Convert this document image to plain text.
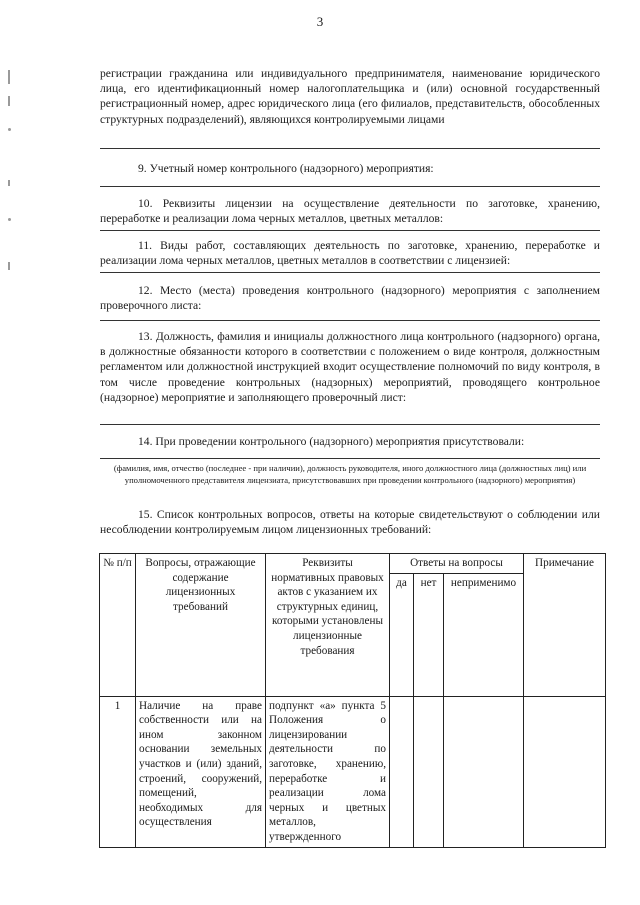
3

регистрации гражданина или индивидуального предпринимателя, наименование юридического лица, его идентификационный номер налогоплательщика и (или) основной государственный регистрационный номер, адрес юридического лица (его филиалов, представительств, обособленных структурных подразделений), являющихся контролируемыми лицами

9. Учетный номер контрольного (надзорного) мероприятия:

10. Реквизиты лицензии на осуществление деятельности по заготовке, хранению, переработке и реализации лома черных металлов, цветных металлов:

11. Виды работ, составляющих деятельность по заготовке, хранению, переработке и реализации лома черных металлов, цветных металлов в соответствии с лицензией:

12. Место (места) проведения контрольного (надзорного) мероприятия с заполнением проверочного листа:

13. Должность, фамилия и инициалы должностного лица контрольного (надзорного) органа, в должностные обязанности которого в соответствии с положением о виде контроля, должностным регламентом или должностной инструкцией входит осуществление полномочий по виду контроля, в том числе проведение контрольных (надзорных) мероприятий, проводящего контрольное (надзорное) мероприятие и заполняющего проверочный лист:

14. При проведении контрольного (надзорного) мероприятия присутствовали:

(фамилия, имя, отчество (последнее - при наличии), должность руководителя, иного должностного лица (должностных лиц) или уполномоченного представителя лицензиата, присутствовавших при проведении контрольного (надзорного) мероприятия)

15. Список контрольных вопросов, ответы на которые свидетельствуют о соблюдении или несоблюдении контролируемым лицом лицензионных требований:

№ п/п	Вопросы, отражающие содержание лицензионных требований	Реквизиты нормативных правовых актов с указанием их структурных единиц, которыми установлены лицензионные требования	Ответы на вопросы			Примечание
			да	нет	неприменимо	
1	Наличие на праве собственности или на ином законном основании земельных участков и (или) зданий, строений, сооружений, помещений, необходимых для осуществления	подпункт «а» пункта 5 Положения о лицензировании деятельности по заготовке, хранению, переработке и реализации лома черных и цветных металлов, утвержденного				
